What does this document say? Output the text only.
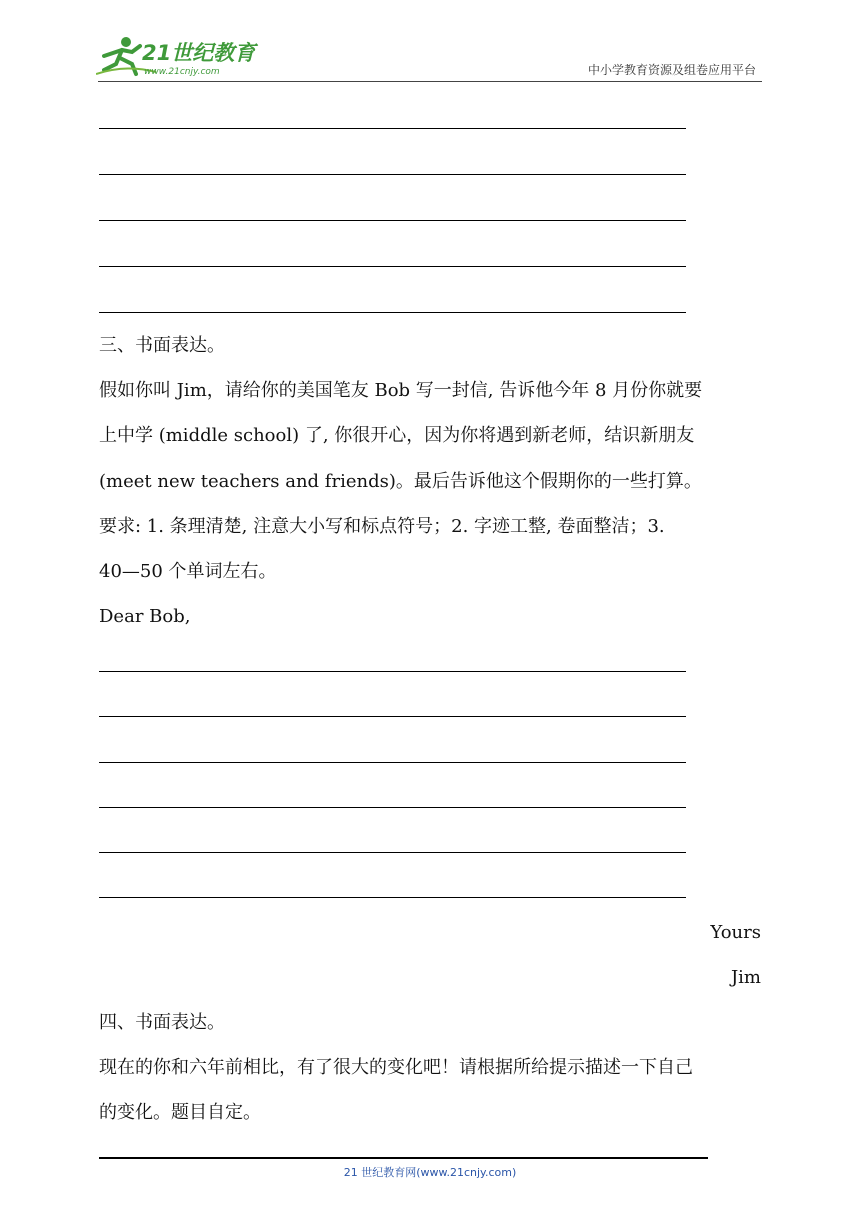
21世纪教育
www.21cnjy.com	中小学教育资源及组卷应用平台
三、书面表达。
假如你叫 Jim，请给你的美国笔友 Bob 写一封信, 告诉他今年 8 月份你就要
上中学 (middle school) 了, 你很开心，因为你将遇到新老师，结识新朋友
(meet new teachers and friends)。最后告诉他这个假期你的一些打算。
要求: 1. 条理清楚, 注意大小写和标点符号；2. 字迹工整, 卷面整洁；3.
40—50 个单词左右。
Dear Bob,
Yours
Jim
四、书面表达。
现在的你和六年前相比，有了很大的变化吧！请根据所给提示描述一下自己
的变化。题目自定。
21 世纪教育网(www.21cnjy.com)
